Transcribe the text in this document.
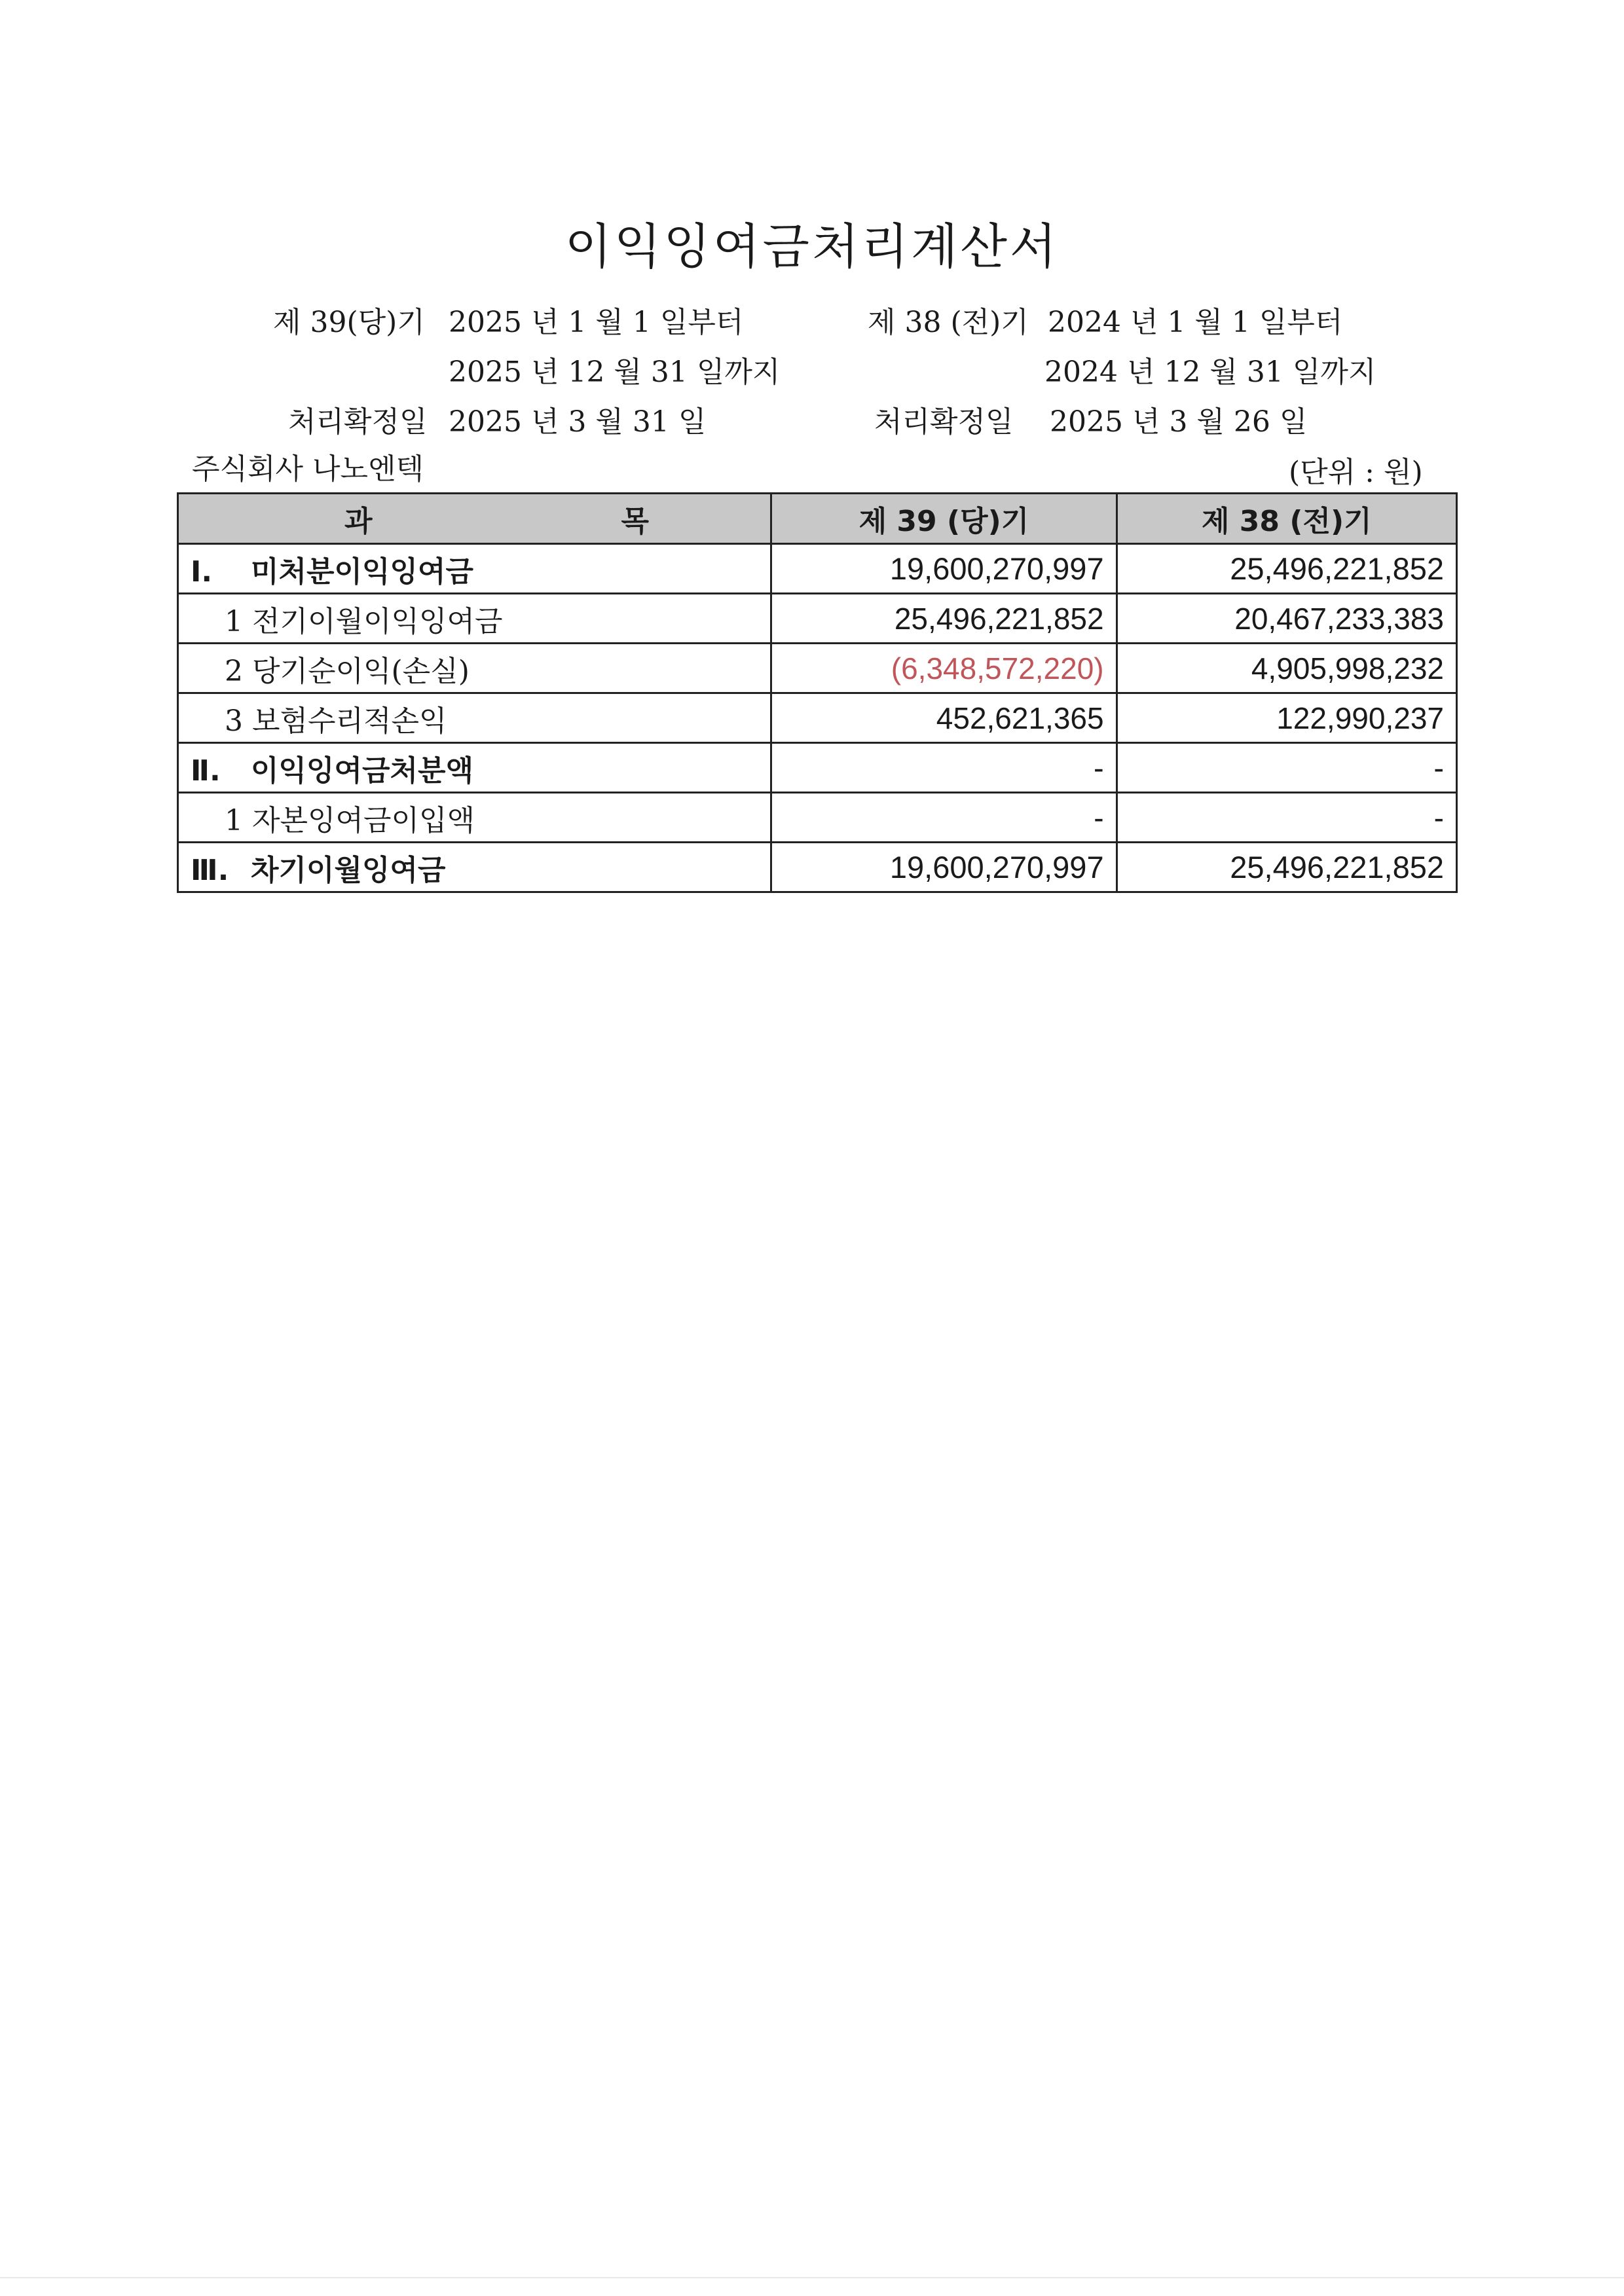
이익잉여금처리계산서
제 39(당)기 2025 년 1 월 1 일부터	제 38 (전)기 2024 년 1 월 1 일부터
2025 년 12 월 31 일까지	2024 년 12 월 31 일까지
처리확정일 2025 년 3 월 31 일	처리확정일 2025 년 3 월 26 일
주식회사 나노엔텍	(단위 : 원)
과 목	제 39 (당)기	제 38 (전)기
Ⅰ. 미처분이익잉여금	19,600,270,997	25,496,221,852
1 전기이월이익잉여금	25,496,221,852	20,467,233,383
2 당기순이익(손실)	(6,348,572,220)	4,905,998,232
3 보험수리적손익	452,621,365	122,990,237
Ⅱ. 이익잉여금처분액	-	-
1 자본잉여금이입액	-	-
Ⅲ. 차기이월잉여금	19,600,270,997	25,496,221,852
